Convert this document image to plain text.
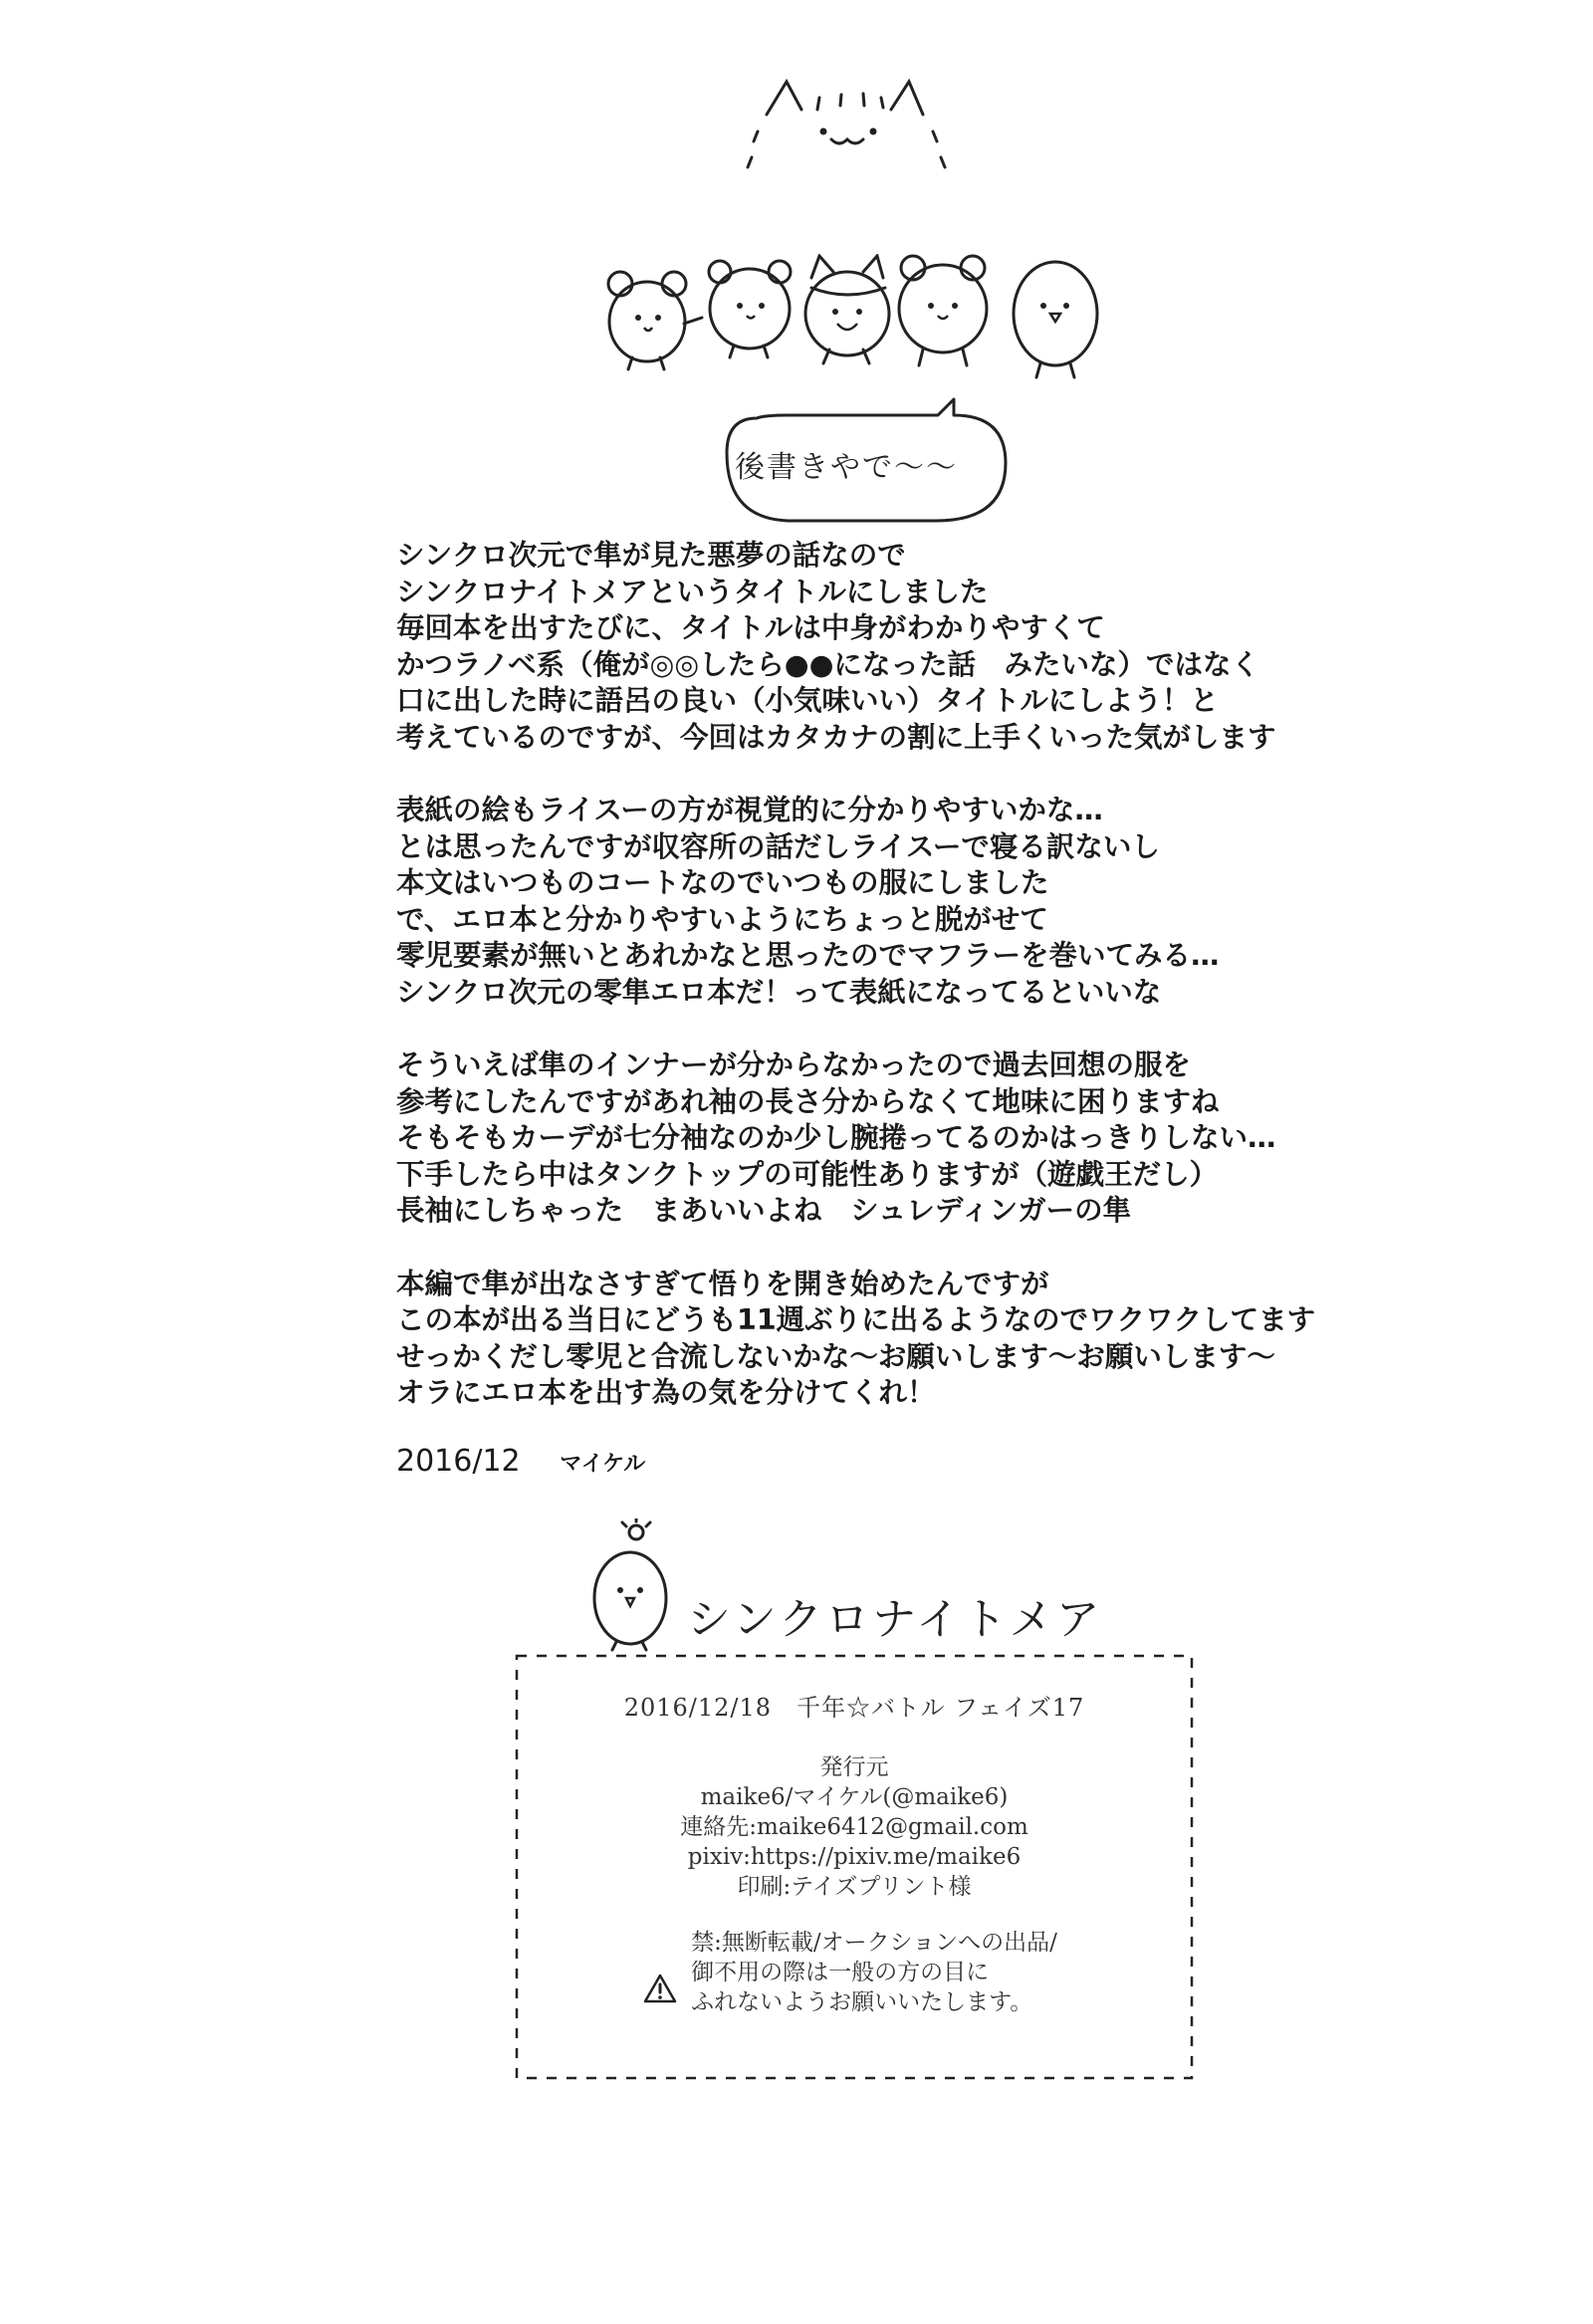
後書きやで〜〜
シンクロ次元で隼が見た悪夢の話なので
シンクロナイトメアというタイトルにしました
毎回本を出すたびに、タイトルは中身がわかりやすくて
かつラノベ系（俺が◎◎したら●●になった話　みたいな）ではなく
口に出した時に語呂の良い（小気味いい）タイトルにしよう！と
考えているのですが、今回はカタカナの割に上手くいった気がします
表紙の絵もライスーの方が視覚的に分かりやすいかな…
とは思ったんですが収容所の話だしライスーで寝る訳ないし
本文はいつものコートなのでいつもの服にしました
で、エロ本と分かりやすいようにちょっと脱がせて
零児要素が無いとあれかなと思ったのでマフラーを巻いてみる…
シンクロ次元の零隼エロ本だ！って表紙になってるといいな
そういえば隼のインナーが分からなかったので過去回想の服を
参考にしたんですがあれ袖の長さ分からなくて地味に困りますね
そもそもカーデが七分袖なのか少し腕捲ってるのかはっきりしない…
下手したら中はタンクトップの可能性ありますが（遊戯王だし）
長袖にしちゃった　まあいいよね　シュレディンガーの隼
本編で隼が出なさすぎて悟りを開き始めたんですが
この本が出る当日にどうも11週ぶりに出るようなのでワクワクしてます
せっかくだし零児と合流しないかな〜お願いします〜お願いします〜
オラにエロ本を出す為の気を分けてくれ！
2016/12 マイケル
シンクロナイトメア
2016/12/18　千年☆バトル フェイズ17
発行元
maike6/マイケル(@maike6)
連絡先:maike6412@gmail.com
pixiv:https://pixiv.me/maike6
印刷:テイズプリント様
禁:無断転載/オークションへの出品/
御不用の際は一般の方の目に
ふれないようお願いいたします。
